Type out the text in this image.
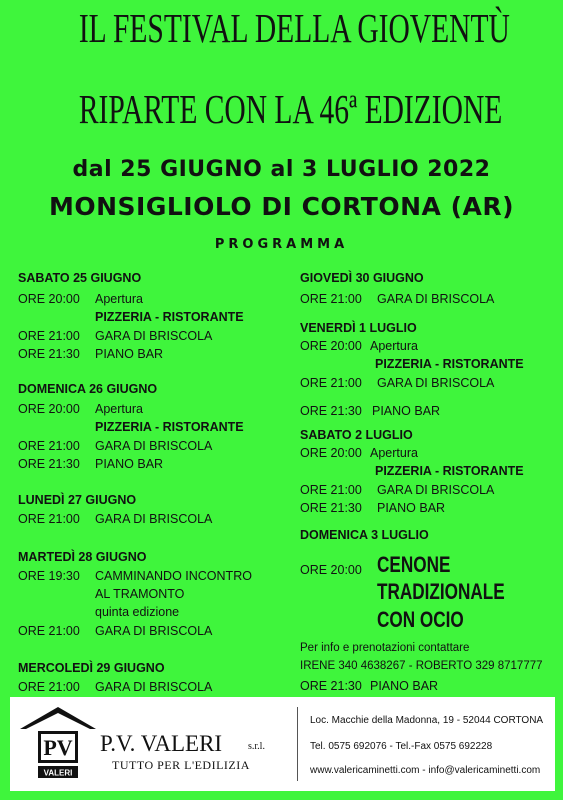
IL FESTIVAL DELLA GIOVENTÙ
RIPARTE CON LA 46ª EDIZIONE
dal 25 GIUGNO al 3 LUGLIO 2022
MONSIGLIOLO DI CORTONA (AR)
PROGRAMMA
SABATO 25 GIUGNO
ORE 20:00 Apertura
PIZZERIA - RISTORANTE
ORE 21:00 GARA DI BRISCOLA
ORE 21:30 PIANO BAR
DOMENICA 26 GIUGNO
ORE 20:00 Apertura
PIZZERIA - RISTORANTE
ORE 21:00 GARA DI BRISCOLA
ORE 21:30 PIANO BAR
LUNEDÌ 27 GIUGNO
ORE 21:00 GARA DI BRISCOLA
MARTEDÌ 28 GIUGNO
ORE 19:30 CAMMINANDO INCONTRO
AL TRAMONTO
quinta edizione
ORE 21:00 GARA DI BRISCOLA
MERCOLEDÌ 29 GIUGNO
ORE 21:00 GARA DI BRISCOLA
GIOVEDÌ 30 GIUGNO
ORE 21:00 GARA DI BRISCOLA
VENERDÌ 1 LUGLIO
ORE 20:00 Apertura
PIZZERIA - RISTORANTE
ORE 21:00 GARA DI BRISCOLA
ORE 21:30 PIANO BAR
SABATO 2 LUGLIO
ORE 20:00 Apertura
PIZZERIA - RISTORANTE
ORE 21:00 GARA DI BRISCOLA
ORE 21:30 PIANO BAR
DOMENICA 3 LUGLIO
ORE 20:00 CENONE
TRADIZIONALE
CON OCIO
Per info e prenotazioni contattare
IRENE 340 4638267 - ROBERTO 329 8717777
ORE 21:30 PIANO BAR
PV
VALERI
P.V. VALERI	s.r.l.
TUTTO PER L'EDILIZIA
Loc. Macchie della Madonna, 19 - 52044 CORTONA
Tel. 0575 692076 - Tel.-Fax 0575 692228
www.valericaminetti.com - info@valericaminetti.com
